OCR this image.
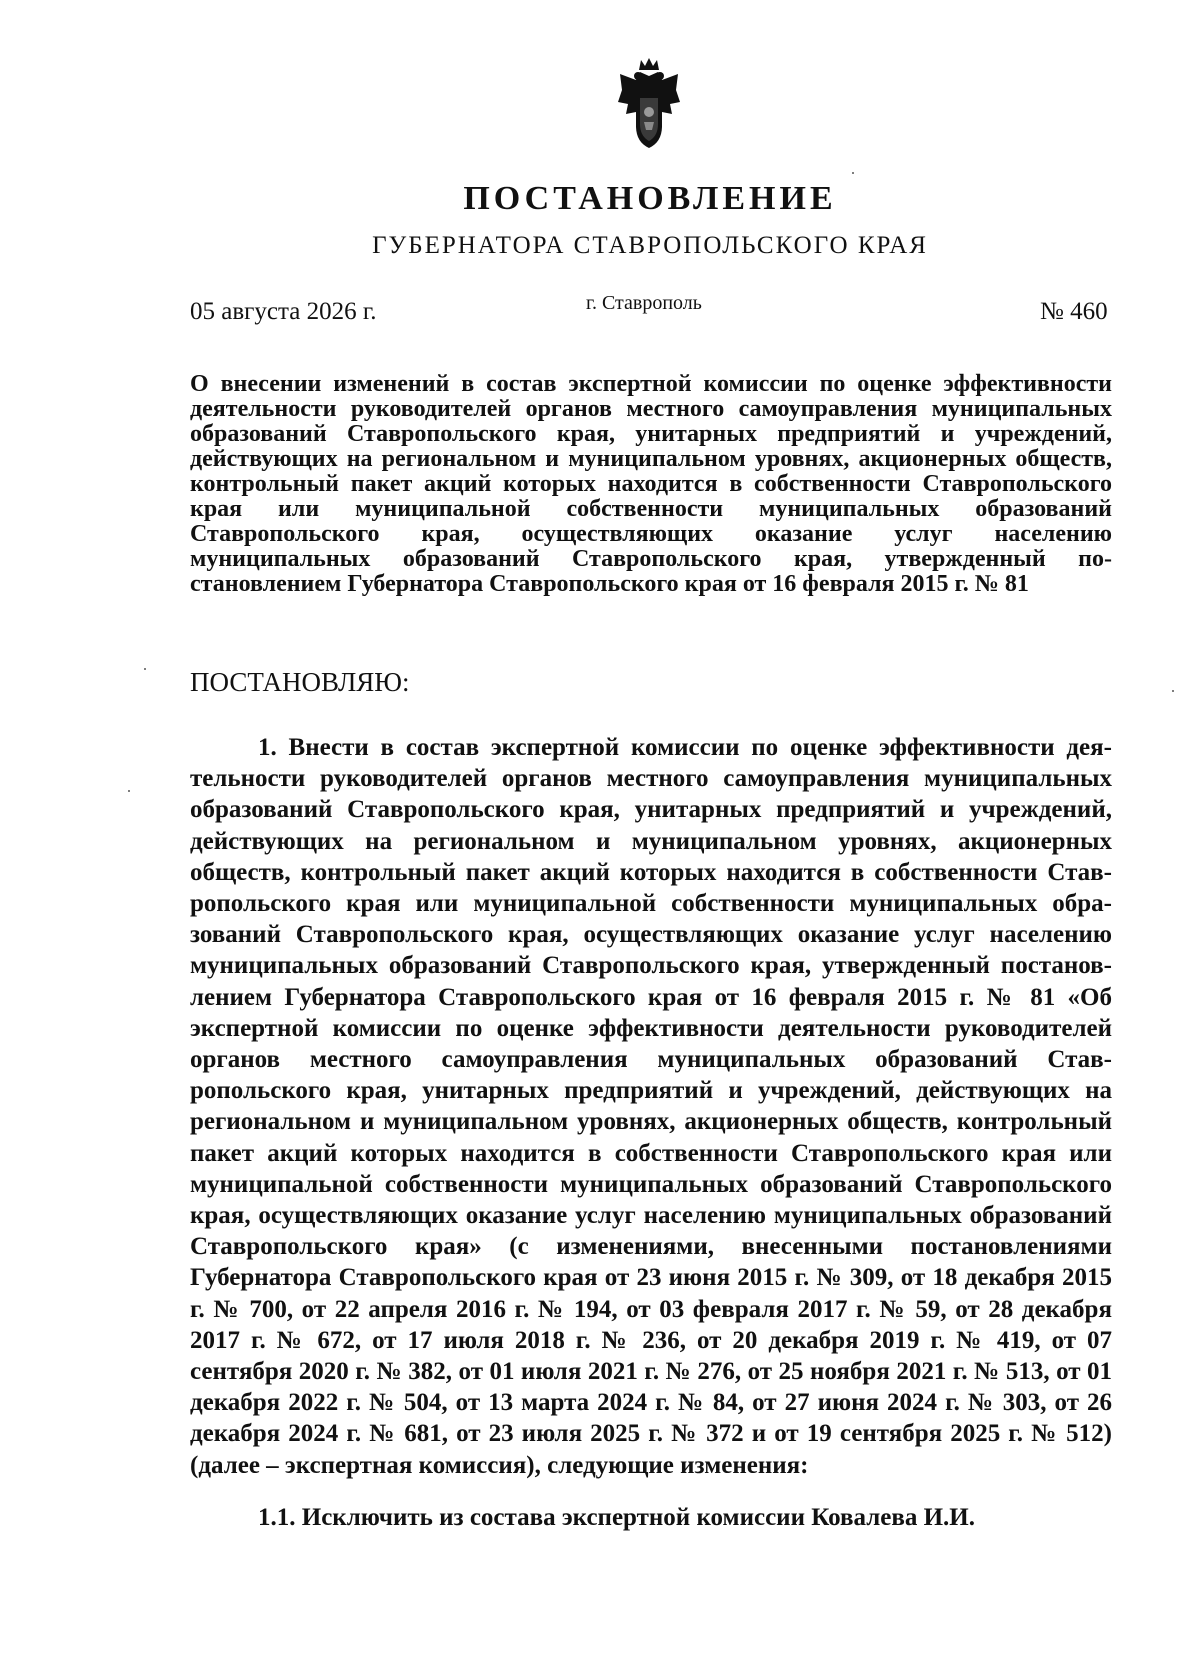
ПОСТАНОВЛЕНИЕ
ГУБЕРНАТОРА СТАВРОПОЛЬСКОГО КРАЯ
05 августа 2026 г.	г. Ставрополь	№ 460
О внесении изменений в состав экспертной комиссии по оценке эффективности деятельности руководителей органов местного самоуправления муниципальных образований Ставропольского края, унитарных предприятий и учреждений, действующих на региональном и муниципальном уровнях, акционерных обществ, контрольный пакет акций которых находится в собственности Ставропольского края или муниципальной собственности муниципальных образований Ставропольского края, осуществляющих оказание услуг населению муниципальных образований Ставропольского края, утвержденный постановлением Губернатора Ставропольского края от 16 февраля 2015 г. № 81
ПОСТАНОВЛЯЮ:

1. Внести в состав экспертной комиссии по оценке эффективности деятельности руководителей органов местного самоуправления муниципальных образований Ставропольского края, унитарных предприятий и учреждений, действующих на региональном и муниципальном уровнях, акционерных обществ, контрольный пакет акций которых находится в собственности Ставропольского края или муниципальной собственности муниципальных образований Ставропольского края, осуществляющих оказание услуг населению муниципальных образований Ставропольского края, утвержденный постановлением Губернатора Ставропольского края от 16 февраля 2015 г. № 81 «Об экспертной комиссии по оценке эффективности деятельности руководителей органов местного самоуправления муниципальных образований Ставропольского края, унитарных предприятий и учреждений, действующих на региональном и муниципальном уровнях, акционерных обществ, контрольный пакет акций которых находится в собственности Ставропольского края или муниципальной собственности муниципальных образований Ставропольского края, осуществляющих оказание услуг населению муниципальных образований Ставропольского края» (с изменениями, внесенными постановлениями Губернатора Ставропольского края от 23 июня 2015 г. № 309, от 18 декабря 2015 г. № 700, от 22 апреля 2016 г. № 194, от 03 февраля 2017 г. № 59, от 28 декабря 2017 г. № 672, от 17 июля 2018 г. № 236, от 20 декабря 2019 г. № 419, от 07 сентября 2020 г. № 382, от 01 июля 2021 г. № 276, от 25 ноября 2021 г. № 513, от 01 декабря 2022 г. № 504, от 13 марта 2024 г. № 84, от 27 июня 2024 г. № 303, от 26 декабря 2024 г. № 681, от 23 июля 2025 г. № 372 и от 19 сентября 2025 г. № 512) (далее – экспертная комиссия), следующие изменения:

1.1. Исключить из состава экспертной комиссии Ковалева И.И.
